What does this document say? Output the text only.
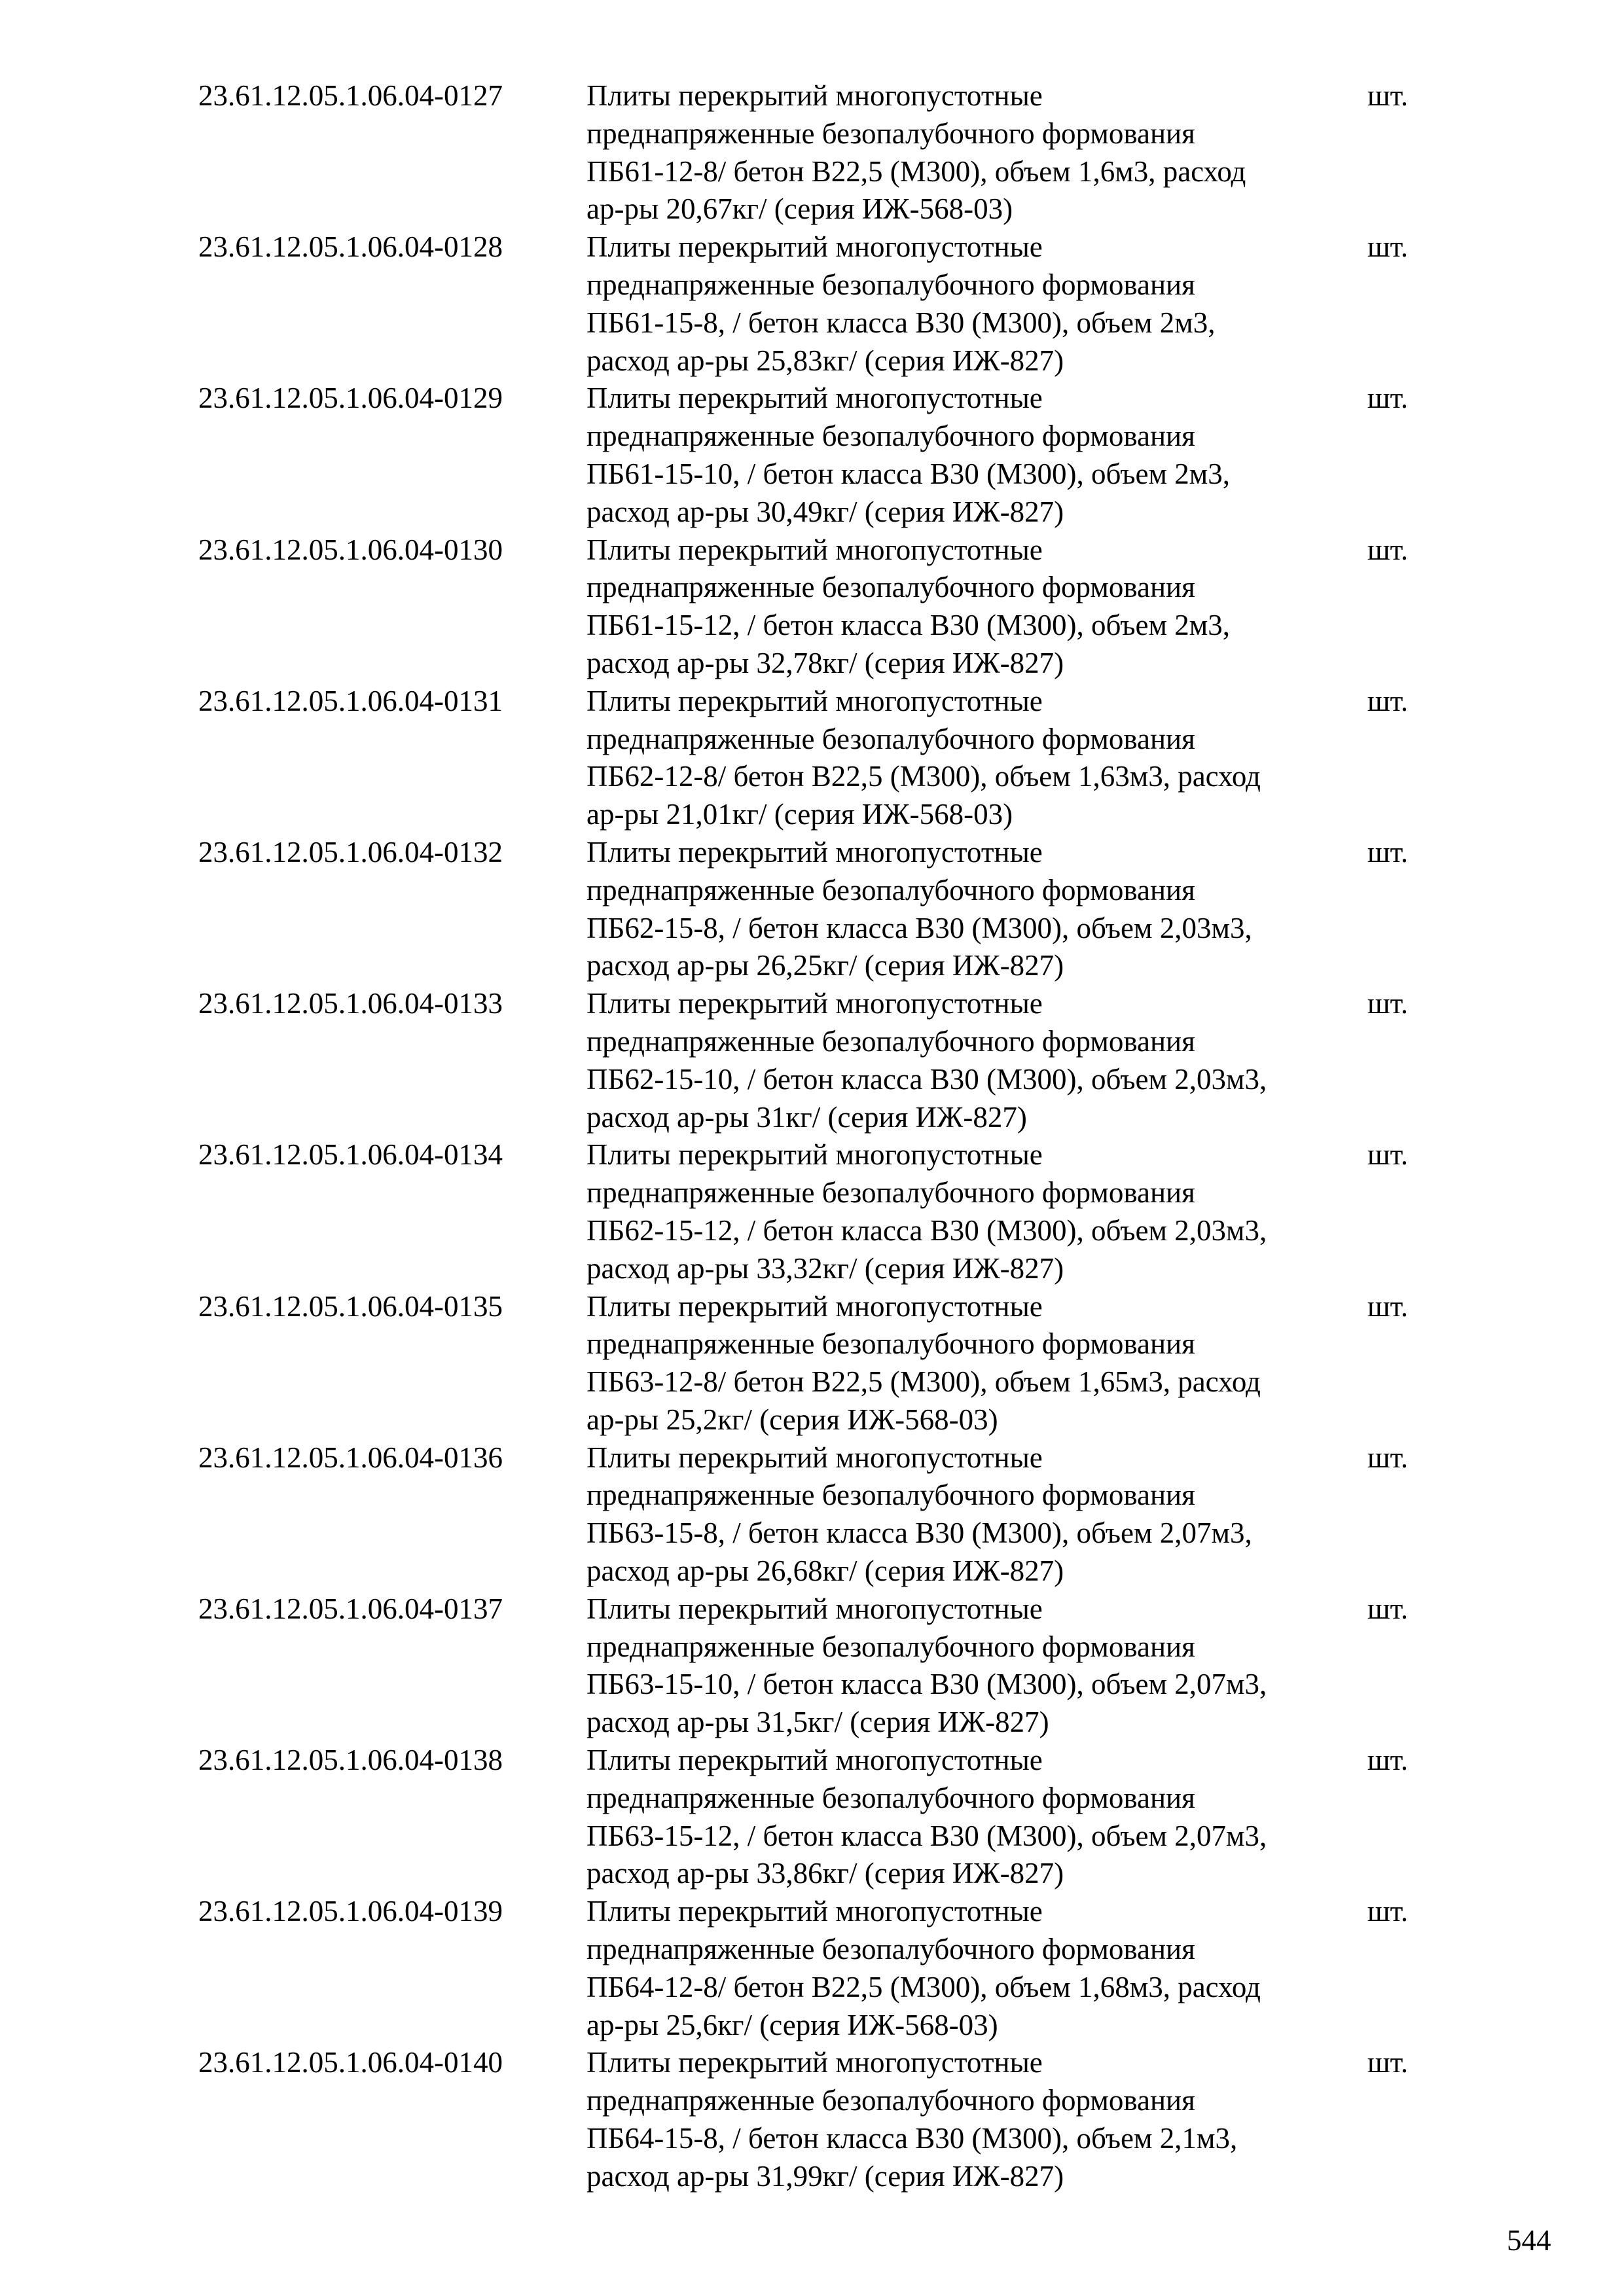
23.61.12.05.1.06.04-0127	Плиты перекрытий многопустотные
преднапряженные безопалубочного формования
ПБ61-12-8/ бетон В22,5 (М300), объем 1,6м3, расход
ар-ры 20,67кг/ (серия ИЖ-568-03)
шт.
23.61.12.05.1.06.04-0128	Плиты перекрытий многопустотные
преднапряженные безопалубочного формования
ПБ61-15-8, / бетон класса В30 (М300), объем 2м3,
расход ар-ры 25,83кг/ (серия ИЖ-827)
шт.
23.61.12.05.1.06.04-0129	Плиты перекрытий многопустотные
преднапряженные безопалубочного формования
ПБ61-15-10, / бетон класса В30 (М300), объем 2м3,
расход ар-ры 30,49кг/ (серия ИЖ-827)
шт.
23.61.12.05.1.06.04-0130	Плиты перекрытий многопустотные
преднапряженные безопалубочного формования
ПБ61-15-12, / бетон класса В30 (М300), объем 2м3,
расход ар-ры 32,78кг/ (серия ИЖ-827)
шт.
23.61.12.05.1.06.04-0131	Плиты перекрытий многопустотные
преднапряженные безопалубочного формования
ПБ62-12-8/ бетон В22,5 (М300), объем 1,63м3, расход
ар-ры 21,01кг/ (серия ИЖ-568-03)
шт.
23.61.12.05.1.06.04-0132	Плиты перекрытий многопустотные
преднапряженные безопалубочного формования
ПБ62-15-8, / бетон класса В30 (М300), объем 2,03м3,
расход ар-ры 26,25кг/ (серия ИЖ-827)
шт.
23.61.12.05.1.06.04-0133	Плиты перекрытий многопустотные
преднапряженные безопалубочного формования
ПБ62-15-10, / бетон класса В30 (М300), объем 2,03м3,
расход ар-ры 31кг/ (серия ИЖ-827)
шт.
23.61.12.05.1.06.04-0134	Плиты перекрытий многопустотные
преднапряженные безопалубочного формования
ПБ62-15-12, / бетон класса В30 (М300), объем 2,03м3,
расход ар-ры 33,32кг/ (серия ИЖ-827)
шт.
23.61.12.05.1.06.04-0135	Плиты перекрытий многопустотные
преднапряженные безопалубочного формования
ПБ63-12-8/ бетон В22,5 (М300), объем 1,65м3, расход
ар-ры 25,2кг/ (серия ИЖ-568-03)
шт.
23.61.12.05.1.06.04-0136	Плиты перекрытий многопустотные
преднапряженные безопалубочного формования
ПБ63-15-8, / бетон класса В30 (М300), объем 2,07м3,
расход ар-ры 26,68кг/ (серия ИЖ-827)
шт.
23.61.12.05.1.06.04-0137	Плиты перекрытий многопустотные
преднапряженные безопалубочного формования
ПБ63-15-10, / бетон класса В30 (М300), объем 2,07м3,
расход ар-ры 31,5кг/ (серия ИЖ-827)
шт.
23.61.12.05.1.06.04-0138	Плиты перекрытий многопустотные
преднапряженные безопалубочного формования
ПБ63-15-12, / бетон класса В30 (М300), объем 2,07м3,
расход ар-ры 33,86кг/ (серия ИЖ-827)
шт.
23.61.12.05.1.06.04-0139	Плиты перекрытий многопустотные
преднапряженные безопалубочного формования
ПБ64-12-8/ бетон В22,5 (М300), объем 1,68м3, расход
ар-ры 25,6кг/ (серия ИЖ-568-03)
шт.
23.61.12.05.1.06.04-0140	Плиты перекрытий многопустотные
преднапряженные безопалубочного формования
ПБ64-15-8, / бетон класса В30 (М300), объем 2,1м3,
расход ар-ры 31,99кг/ (серия ИЖ-827)
шт.
544
